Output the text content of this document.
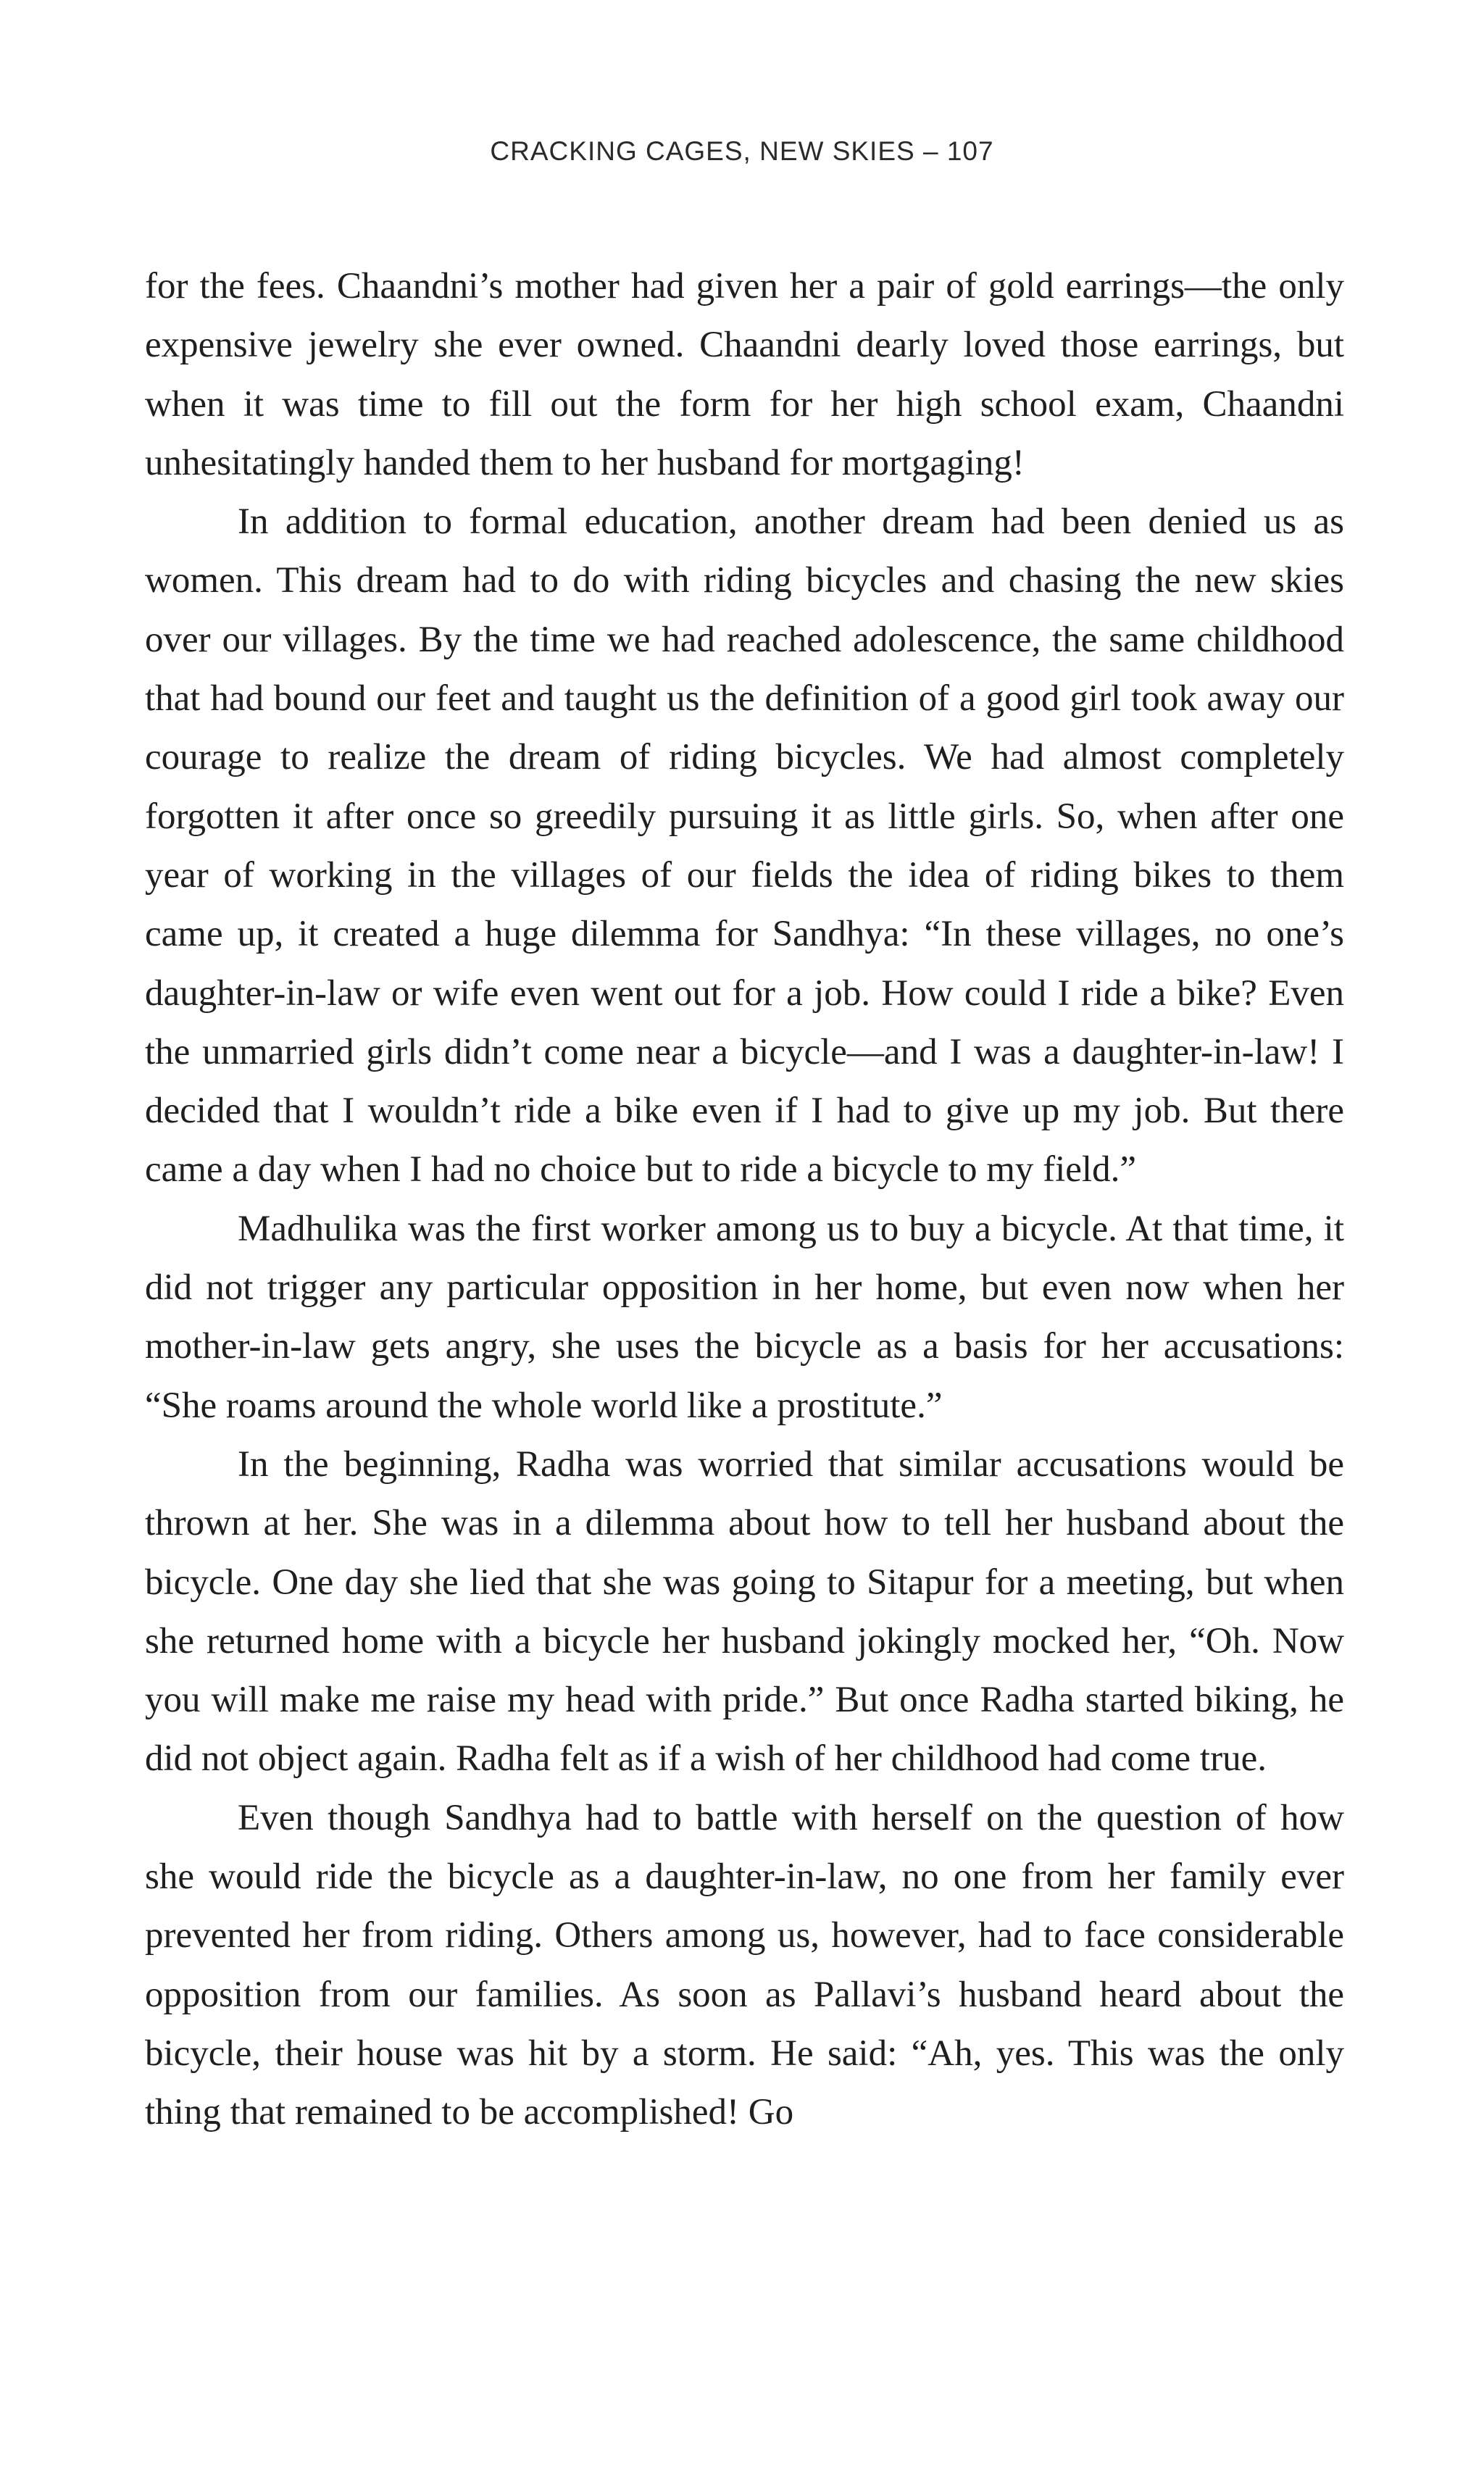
CRACKING CAGES, NEW SKIES – 107

for the fees. Chaandni’s mother had given her a pair of gold earrings—the only expensive jewelry she ever owned. Chaandni dearly loved those earrings, but when it was time to fill out the form for her high school exam, Chaandni unhesitatingly handed them to her husband for mortgaging!

In addition to formal education, another dream had been denied us as women. This dream had to do with riding bicycles and chasing the new skies over our villages. By the time we had reached adolescence, the same childhood that had bound our feet and taught us the definition of a good girl took away our courage to realize the dream of riding bicycles. We had almost completely forgotten it after once so greedily pursuing it as little girls. So, when after one year of working in the villages of our fields the idea of riding bikes to them came up, it created a huge dilemma for Sandhya: “In these villages, no one’s daughter-in-law or wife even went out for a job. How could I ride a bike? Even the unmarried girls didn’t come near a bicycle—and I was a daughter-in-law! I decided that I wouldn’t ride a bike even if I had to give up my job. But there came a day when I had no choice but to ride a bicycle to my field.”

Madhulika was the first worker among us to buy a bicycle. At that time, it did not trigger any particular opposition in her home, but even now when her mother-in-law gets angry, she uses the bicycle as a basis for her accusations: “She roams around the whole world like a prostitute.”

In the beginning, Radha was worried that similar accusations would be thrown at her. She was in a dilemma about how to tell her husband about the bicycle. One day she lied that she was going to Sitapur for a meeting, but when she returned home with a bicycle her husband jokingly mocked her, “Oh. Now you will make me raise my head with pride.” But once Radha started biking, he did not object again. Radha felt as if a wish of her childhood had come true.

Even though Sandhya had to battle with herself on the question of how she would ride the bicycle as a daughter-in-law, no one from her family ever prevented her from riding. Others among us, however, had to face considerable opposition from our families. As soon as Pallavi’s husband heard about the bicycle, their house was hit by a storm. He said: “Ah, yes. This was the only thing that remained to be accomplished! Go
